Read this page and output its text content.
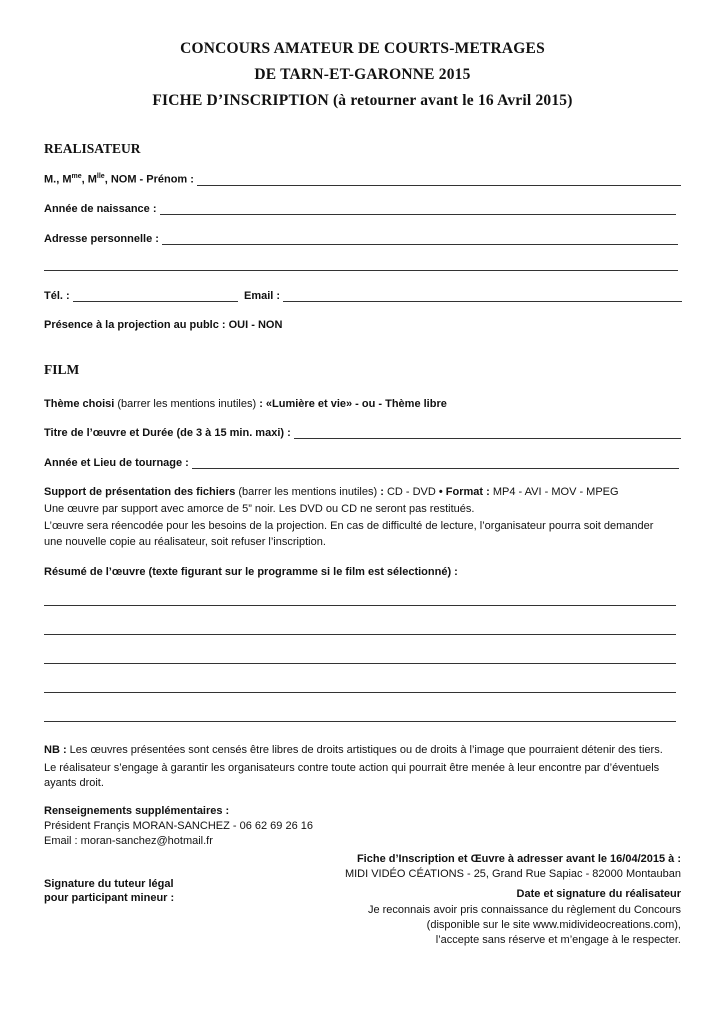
CONCOURS AMATEUR DE COURTS-METRAGES
DE TARN-ET-GARONNE 2015
FICHE D’INSCRIPTION (à retourner avant le 16 Avril 2015)
REALISATEUR
M., $M^{me}$, $M^{lle}$, NOM - Prénom :
Année de naissance :
Adresse personnelle :
Tél. :	Email :
Présence à la projection au publc : OUI - NON
FILM
Thème choisi (barrer les mentions inutiles) : «Lumière et vie» - ou - Thème libre
Titre de l’œuvre et Durée (de 3 à 15 min. maxi) :
Année et Lieu de tournage :
Support de présentation des fichiers (barrer les mentions inutiles) : CD - DVD • Format : MP4 - AVI - MOV - MPEG
Une œuvre par support avec amorce de 5” noir. Les DVD ou CD ne seront pas restitués.
L’œuvre sera réencodée pour les besoins de la projection. En cas de difficulté de lecture, l’organisateur pourra soit demander
une nouvelle copie au réalisateur, soit refuser l’inscription.
Résumé de l’œuvre (texte figurant sur le programme si le film est sélectionné) :
NB : Les œuvres présentées sont censés être libres de droits artistiques ou de droits à l’image que pourraient détenir des tiers.
Le réalisateur s’engage à garantir les organisateurs contre toute action qui pourrait être menée à leur encontre par d’éventuels
ayants droit.
Renseignements supplémentaires :
Président Françis MORAN-SANCHEZ - 06 62 69 26 16
Email : moran-sanchez@hotmail.fr
Fiche d’Inscription et Œuvre à adresser avant le 16/04/2015 à :
MIDI VIDÉO CÉATIONS - 25, Grand Rue Sapiac - 82000 Montauban
Signature du tuteur légal
pour participant mineur :	Date et signature du réalisateur
Je reconnais avoir pris connaissance du règlement du Concours
(disponible sur le site www.midivideocreations.com),
l’accepte sans réserve et m’engage à le respecter.
